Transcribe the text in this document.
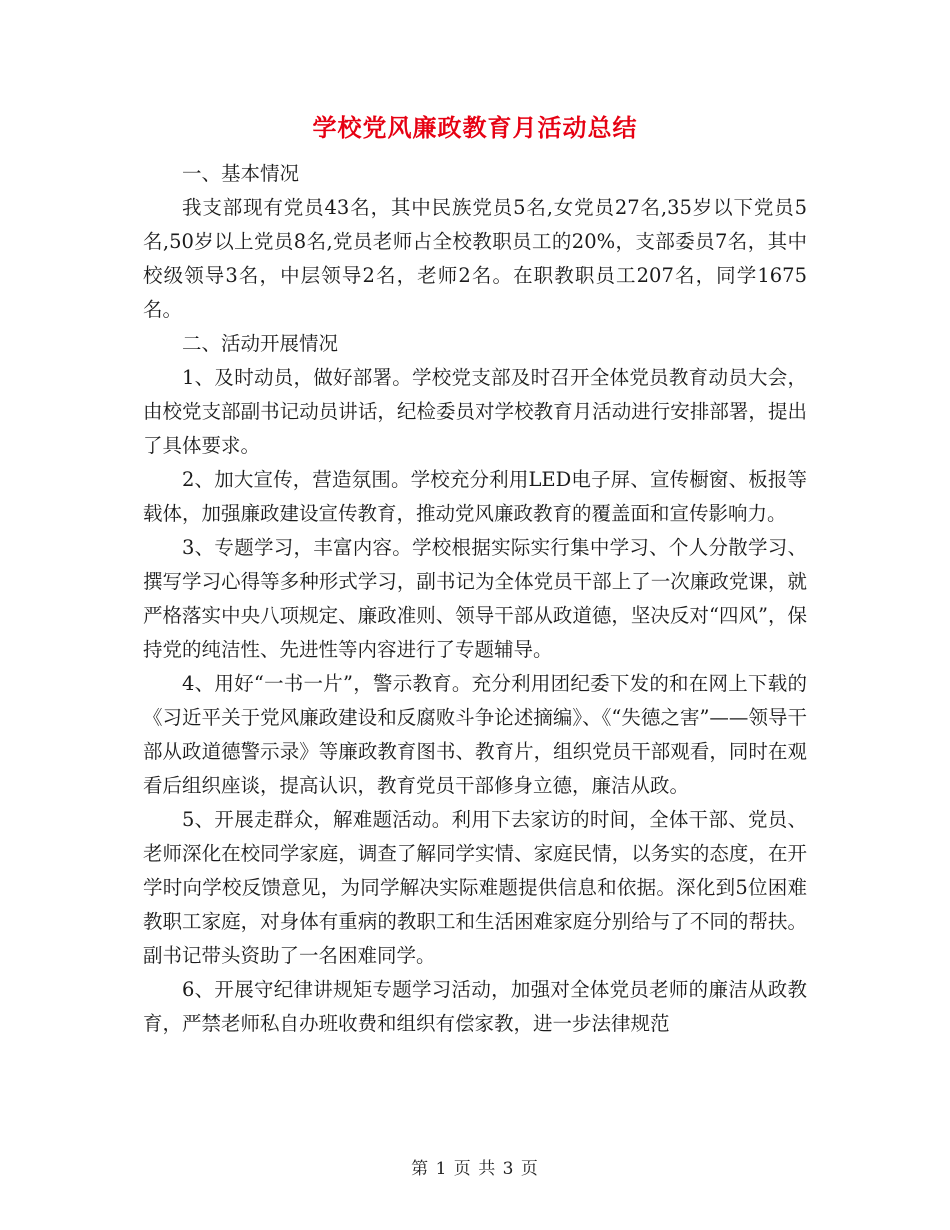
学校党风廉政教育月活动总结

一、基本情况

我支部现有党员43名，其中民族党员5名,女党员27名,35岁以下党员5名,50岁以上党员8名,党员老师占全校教职员工的20%，支部委员7名，其中校级领导3名，中层领导2名，老师2名。在职教职员工207名，同学1675名。

二、活动开展情况

1、及时动员，做好部署。学校党支部及时召开全体党员教育动员大会，由校党支部副书记动员讲话，纪检委员对学校教育月活动进行安排部署，提出了具体要求。

2、加大宣传，营造氛围。学校充分利用LED电子屏、宣传橱窗、板报等载体，加强廉政建设宣传教育，推动党风廉政教育的覆盖面和宣传影响力。

3、专题学习，丰富内容。学校根据实际实行集中学习、个人分散学习、撰写学习心得等多种形式学习，副书记为全体党员干部上了一次廉政党课，就严格落实中央八项规定、廉政准则、领导干部从政道德，坚决反对“四风”，保持党的纯洁性、先进性等内容进行了专题辅导。

4、用好“一书一片”，警示教育。充分利用团纪委下发的和在网上下载的《习近平关于党风廉政建设和反腐败斗争论述摘编》、《“失德之害”——领导干部从政道德警示录》等廉政教育图书、教育片，组织党员干部观看，同时在观看后组织座谈，提高认识，教育党员干部修身立德，廉洁从政。

5、开展走群众，解难题活动。利用下去家访的时间，全体干部、党员、老师深化在校同学家庭，调查了解同学实情、家庭民情，以务实的态度，在开学时向学校反馈意见，为同学解决实际难题提供信息和依据。深化到5位困难教职工家庭，对身体有重病的教职工和生活困难家庭分别给与了不同的帮扶。副书记带头资助了一名困难同学。

6、开展守纪律讲规矩专题学习活动，加强对全体党员老师的廉洁从政教育，严禁老师私自办班收费和组织有偿家教，进一步法律规范

第 1 页 共 3 页
